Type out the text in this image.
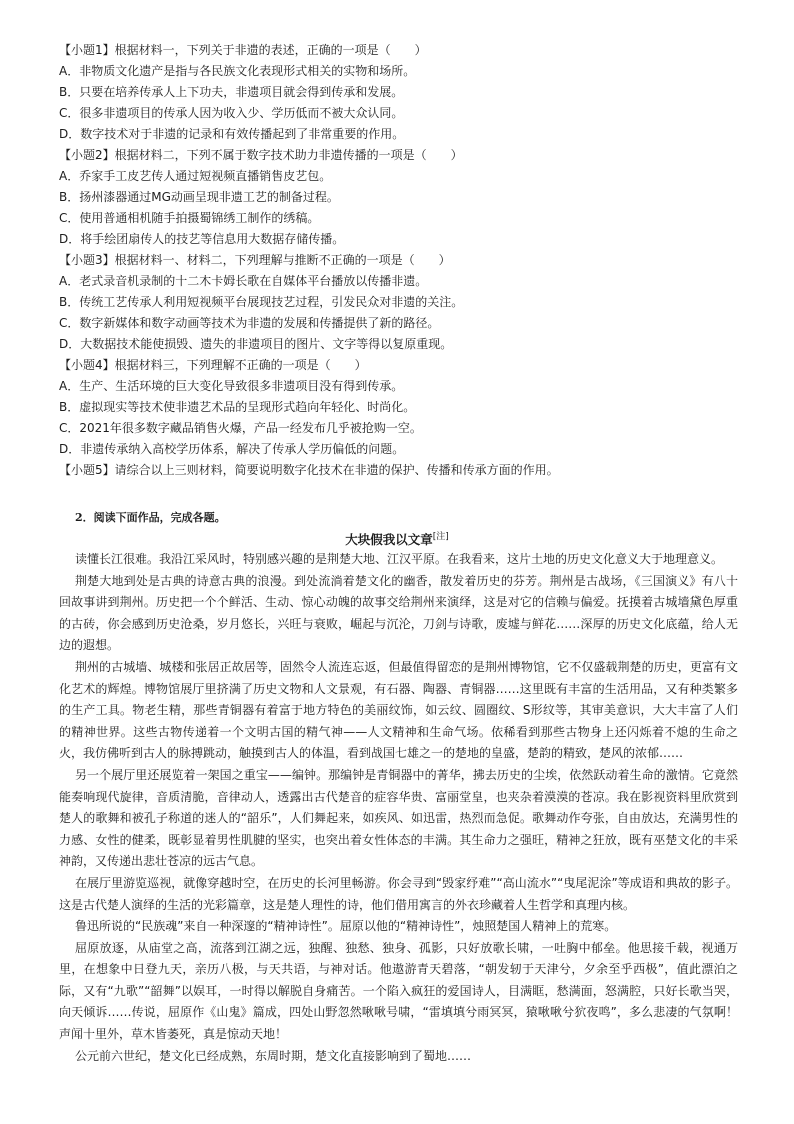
【小题1】根据材料一，下列关于非遗的表述，正确的一项是（　　）
A．非物质文化遗产是指与各民族文化表现形式相关的实物和场所。
B．只要在培养传承人上下功夫，非遗项目就会得到传承和发展。
C．很多非遗项目的传承人因为收入少、学历低而不被大众认同。
D．数字技术对于非遗的记录和有效传播起到了非常重要的作用。
【小题2】根据材料二，下列不属于数字技术助力非遗传播的一项是（　　）
A．乔家手工皮艺传人通过短视频直播销售皮艺包。
B．扬州漆器通过MG动画呈现非遗工艺的制备过程。
C．使用普通相机随手拍摄蜀锦绣工制作的绣稿。
D．将手绘团扇传人的技艺等信息用大数据存储传播。
【小题3】根据材料一、材料二，下列理解与推断不正确的一项是（　　）
A．老式录音机录制的十二木卡姆长歌在自媒体平台播放以传播非遗。
B．传统工艺传承人利用短视频平台展现技艺过程，引发民众对非遗的关注。
C．数字新媒体和数字动画等技术为非遗的发展和传播提供了新的路径。
D．大数据技术能使损毁、遗失的非遗项目的图片、文字等得以复原重现。
【小题4】根据材料三，下列理解不正确的一项是（　　）
A．生产、生活环境的巨大变化导致很多非遗项目没有得到传承。
B．虚拟现实等技术使非遗艺术品的呈现形式趋向年轻化、时尚化。
C．2021年很多数字藏品销售火爆，产品一经发布几乎被抢购一空。
D．非遗传承纳入高校学历体系，解决了传承人学历偏低的问题。
【小题5】请综合以上三则材料，简要说明数字化技术在非遗的保护、传播和传承方面的作用。
2．阅读下面作品，完成各题。
大块假我以文章[注]

读懂长江很难。我沿江采风时，特别感兴趣的是荆楚大地、江汉平原。在我看来，这片土地的历史文化意义大于地理意义。

荆楚大地到处是古典的诗意古典的浪漫。到处流淌着楚文化的幽香，散发着历史的芬芳。荆州是古战场，《三国演义》有八十回故事讲到荆州。历史把一个个鲜活、生动、惊心动魄的故事交给荆州来演绎，这是对它的信赖与偏爱。抚摸着古城墙黛色厚重的古砖，你会感到历史沧桑，岁月悠长，兴旺与衰败，崛起与沉沦，刀剑与诗歌，废墟与鲜花……深厚的历史文化底蕴，给人无边的遐想。

荆州的古城墙、城楼和张居正故居等，固然令人流连忘返，但最值得留恋的是荆州博物馆，它不仅盛载荆楚的历史，更富有文化艺术的辉煌。博物馆展厅里挤满了历史文物和人文景观，有石器、陶器、青铜器……这里既有丰富的生活用品，又有种类繁多的生产工具。物老生精，那些青铜器有着富于地方特色的美丽纹饰，如云纹、圆圈纹、S形纹等，其审美意识，大大丰富了人们的精神世界。这些古物传递着一个文明古国的精气神——人文精神和生命气场。依稀看到那些古物身上还闪烁着不熄的生命之火，我仿佛听到古人的脉搏跳动，触摸到古人的体温，看到战国七雄之一的楚地的皇盛，楚韵的精致，楚风的浓郁……

另一个展厅里还展览着一架国之重宝——编钟。那编钟是青铜器中的菁华，拂去历史的尘埃，依然跃动着生命的激情。它竟然能奏响现代旋律，音质清脆，音律动人，透露出古代楚音的症容华贵、富丽堂皇，也夹杂着漠漠的苍凉。我在影视资料里欣赏到楚人的歌舞和被孔子称道的迷人的“韶乐”，人们舞起来，如疾风、如迅雷，热烈而急促。歌舞动作夸张，自由放达，充满男性的力感、女性的健柔，既彰显着男性肌腱的坚实，也突出着女性体态的丰满。其生命力之强旺，精神之狂放，既有巫楚文化的丰采神韵，又传递出悲壮苍凉的远古气息。

在展厅里游览巡视，就像穿越时空，在历史的长河里畅游。你会寻到“毁家纾难”“高山流水”“曳尾泥涂”等成语和典故的影子。这是古代楚人演绎的生活的光彩篇章，这是楚人理性的诗，他们借用寓言的外衣珍藏着人生哲学和真理内核。

鲁迅所说的“民族魂”来自一种深邃的“精神诗性”。屈原以他的“精神诗性”，烛照楚国人精神上的荒寒。

屈原放逐，从庙堂之高，流落到江湖之远，独醒、独愁、独身、孤影，只好放歌长啸，一吐胸中郁垒。他思接千载，视通万里，在想象中日登九天，亲历八极，与天共语，与神对话。他遨游青天碧落，“朝发轫于天津兮，夕余至乎西极”，值此漂泊之际，又有“九歌”“韶舞”以娱耳，一时得以解脱自身痛苦。一个陷入疯狂的爱国诗人，目满眶，愁满面，怒满腔，只好长歌当哭，向天倾诉……传说，屈原作《山鬼》篇成，四处山野忽然啾啾号啸，“雷填填兮雨冥冥，猿啾啾兮狖夜鸣”，多么悲凄的气氛啊！声闻十里外，草木皆萎死，真是惊动天地！

公元前六世纪，楚文化已经成熟，东周时期，楚文化直接影响到了蜀地……
